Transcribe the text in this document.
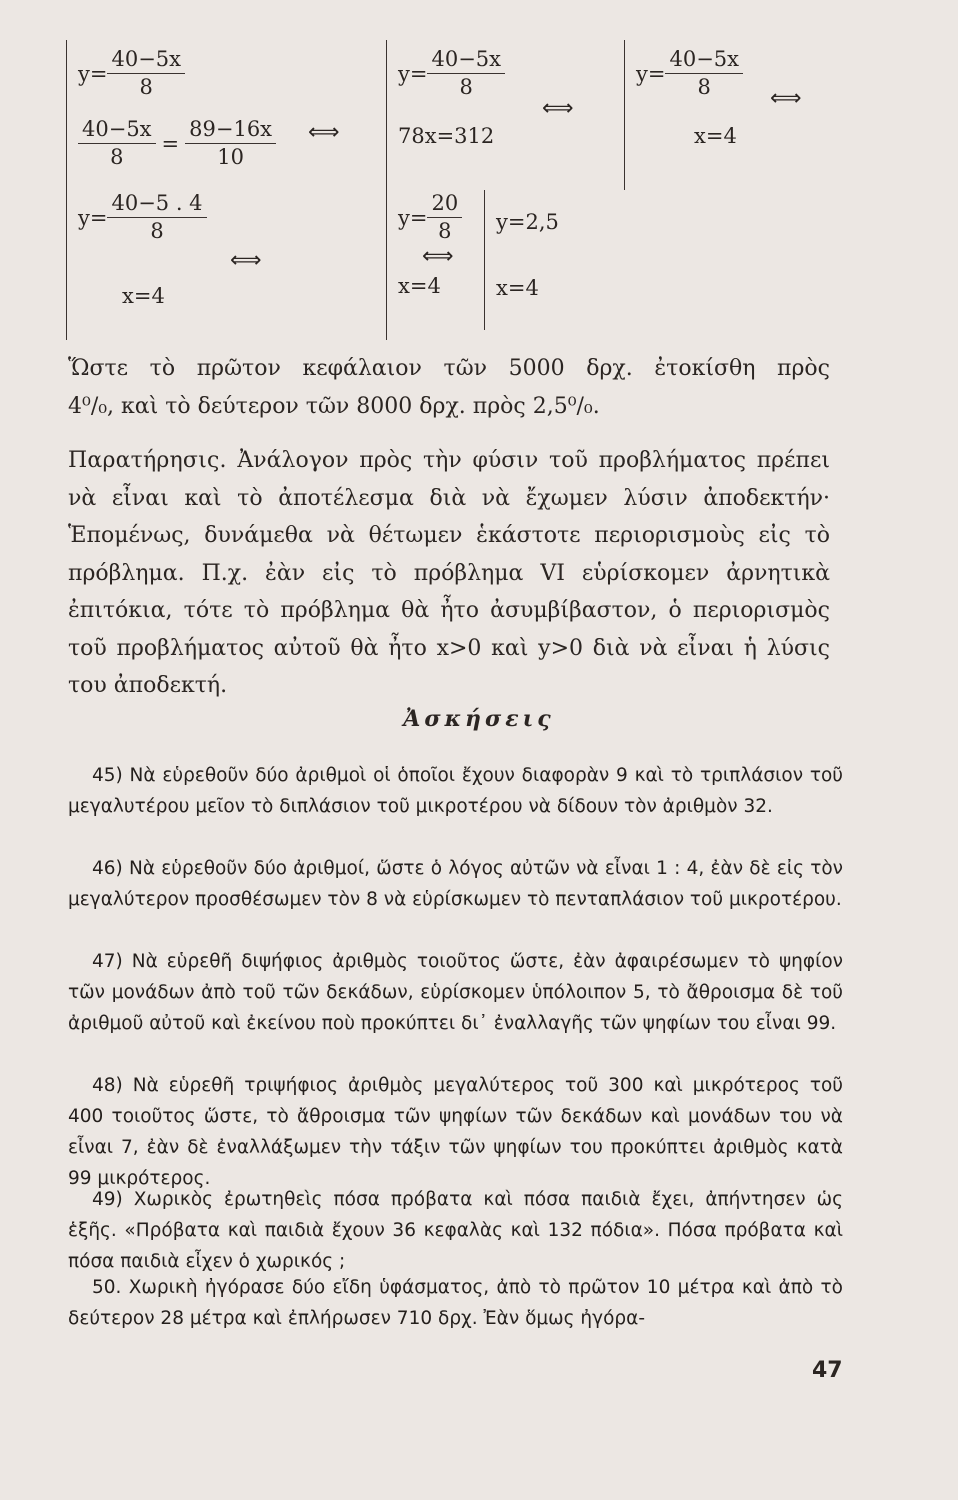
$y= \frac{40-5x}{8}$
$\frac{40-5x}{8} = \frac{89-16x}{10}$
$y= \frac{40-5 . 4}{8}$
x=4
⟺
⟺
$y= \frac{40-5x}{8}$
78x=312
$y= \frac{20}{8}$
x=4
⟺
⟺
$y= \frac{40-5x}{8}$
x=4
⟺
y=2,5
x=4
Ὥστε τὸ πρῶτον κεφάλαιον τῶν 5000 δρχ. ἐτοκίσθη πρὸς
4⁰/₀, καὶ τὸ δεύτερον τῶν 8000 δρχ. πρὸς 2,5⁰/₀.
Παρατήρησις. Ἀνάλογον πρὸς τὴν φύσιν τοῦ προβλήματος πρέπει νὰ εἶναι καὶ τὸ ἀποτέλεσμα διὰ νὰ ἔχωμεν λύσιν ἀποδεκτήν· Ἑπομένως, δυνάμεθα νὰ θέτωμεν ἑκάστοτε περιορισμοὺς εἰς τὸ πρόβλημα. Π.χ. ἐὰν εἰς τὸ πρόβλημα VI εὑρίσκομεν ἀρνητικὰ ἐπιτόκια, τότε τὸ πρόβλημα θὰ ἦτο ἀσυμβίβαστον, ὁ περιορισμὸς τοῦ προβλήματος αὐτοῦ θὰ ἦτο x>0 καὶ y>0 διὰ νὰ εἶναι ἡ λύσις του ἀποδεκτή.
Ἀσκήσεις
45) Νὰ εὑρεθοῦν δύο ἀριθμοὶ οἱ ὁποῖοι ἔχουν διαφορὰν 9 καὶ τὸ τριπλάσιον τοῦ μεγαλυτέρου μεῖον τὸ διπλάσιον τοῦ μικροτέρου νὰ δίδουν τὸν ἀριθμὸν 32.
46) Νὰ εὑρεθοῦν δύο ἀριθμοί, ὥστε ὁ λόγος αὐτῶν νὰ εἶναι 1 : 4, ἐὰν δὲ εἰς τὸν μεγαλύτερον προσθέσωμεν τὸν 8 νὰ εὑρίσκωμεν τὸ πενταπλάσιον τοῦ μικροτέρου.
47) Νὰ εὑρεθῆ διψήφιος ἀριθμὸς τοιοῦτος ὥστε, ἐὰν ἀφαιρέσωμεν τὸ ψηφίον τῶν μονάδων ἀπὸ τοῦ τῶν δεκάδων, εὑρίσκομεν ὑπόλοιπον 5, τὸ ἄθροισμα δὲ τοῦ ἀριθμοῦ αὐτοῦ καὶ ἐκείνου ποὺ προκύπτει δι᾽ ἐναλλαγῆς τῶν ψηφίων του εἶναι 99.
48) Νὰ εὑρεθῆ τριψήφιος ἀριθμὸς μεγαλύτερος τοῦ 300 καὶ μικρότερος τοῦ 400 τοιοῦτος ὥστε, τὸ ἄθροισμα τῶν ψηφίων τῶν δεκάδων καὶ μονάδων του νὰ εἶναι 7, ἐὰν δὲ ἐναλλάξωμεν τὴν τάξιν τῶν ψηφίων του προκύπτει ἀριθμὸς κατὰ 99 μικρότερος.
49) Χωρικὸς ἐρωτηθεὶς πόσα πρόβατα καὶ πόσα παιδιὰ ἔχει, ἀπήντησεν ὡς ἑξῆς. «Πρόβατα καὶ παιδιὰ ἔχουν 36 κεφαλὰς καὶ 132 πόδια». Πόσα πρόβατα καὶ πόσα παιδιὰ εἶχεν ὁ χωρικός ;
50. Χωρικὴ ἠγόρασε δύο εἴδη ὑφάσματος, ἀπὸ τὸ πρῶτον 10 μέτρα καὶ ἀπὸ τὸ δεύτερον 28 μέτρα καὶ ἐπλήρωσεν 710 δρχ. Ἐὰν ὅμως ἠγόρα-
47
